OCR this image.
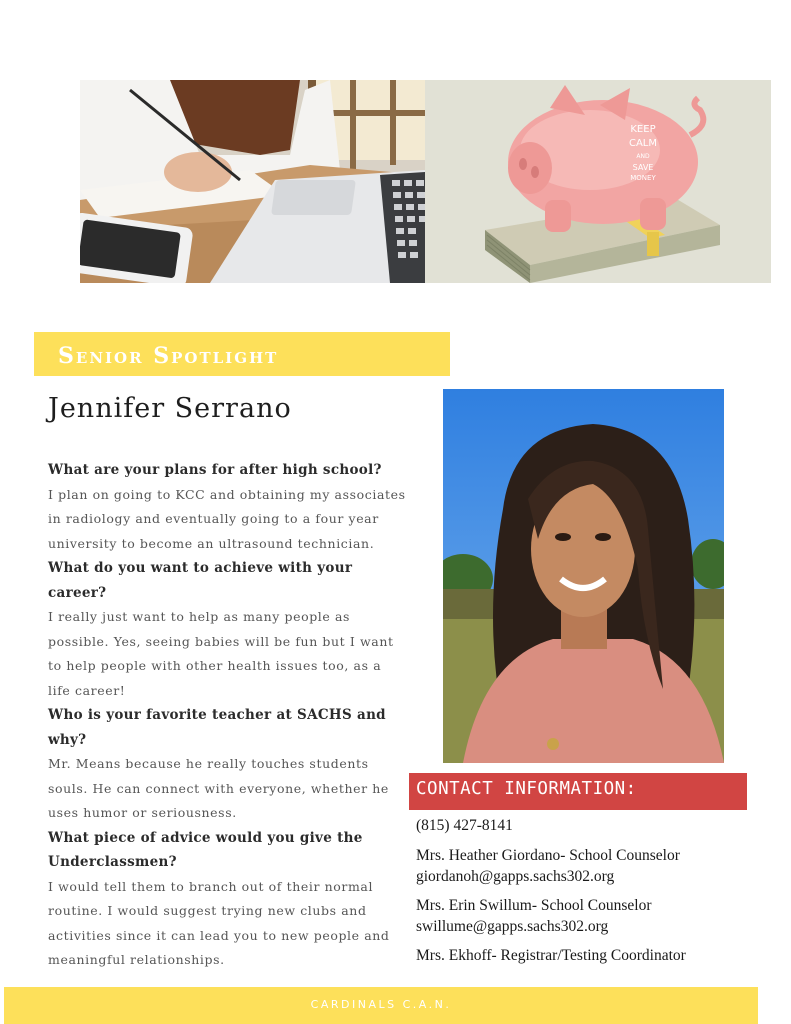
KEEP
CALM
AND
SAVE
MONEY
Senior Spotlight
Jennifer Serrano
What are your plans for after high school?
I plan on going to KCC and obtaining my associates in radiology and eventually going to a four year university to become an ultrasound technician.
What do you want to achieve with your career?
I really just want to help as many people as possible. Yes, seeing babies will be fun but I want to help people with other health issues too, as a life career!
Who is your favorite teacher at SACHS and why?
Mr. Means because he really touches students souls. He can connect with everyone, whether he uses humor or seriousness.
What piece of advice would you give the Underclassmen?
I would tell them to branch out of their normal routine. I would suggest trying new clubs and activities since it can lead you to new people and meaningful relationships.
CONTACT INFORMATION:
(815) 427-8141
Mrs. Heather Giordano- School Counselor
giordanoh@gapps.sachs302.org
Mrs. Erin Swillum- School Counselor
swillume@gapps.sachs302.org
Mrs. Ekhoff- Registrar/Testing Coordinator
CARDINALS C.A.N.
